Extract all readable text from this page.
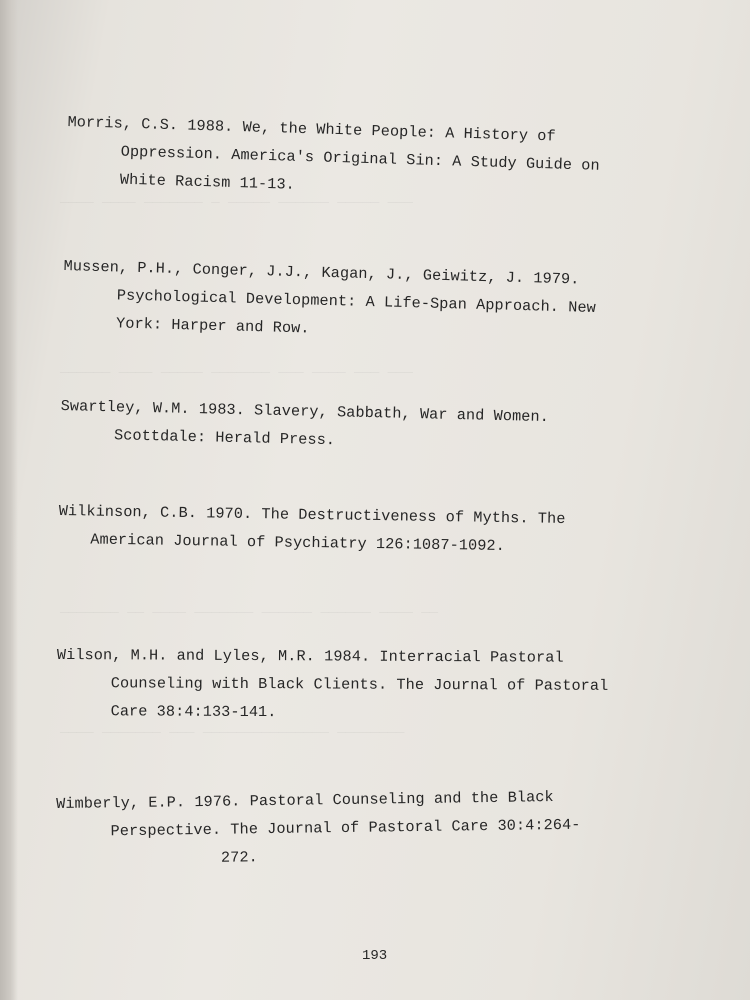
———— ———— ——————— — ————— —————— ————— ———
—————— ———— ————— ——————— ——— ———— ——— ———
——————— —— ———— ——————— —————— —————— ———— ——
———— ——————— ——— ——————————————— ————————
Morris, C.S. 1988. We, the White People: A History of
Oppression. America's Original Sin: A Study Guide on
White Racism 11-13.
Mussen, P.H., Conger, J.J., Kagan, J., Geiwitz, J. 1979.
Psychological Development: A Life-Span Approach. New
York: Harper and Row.
Swartley, W.M. 1983. Slavery, Sabbath, War and Women.
Scottdale: Herald Press.
Wilkinson, C.B. 1970. The Destructiveness of Myths. The
American Journal of Psychiatry 126:1087-1092.
Wilson, M.H. and Lyles, M.R. 1984. Interracial Pastoral
Counseling with Black Clients. The Journal of Pastoral
Care 38:4:133-141.
Wimberly, E.P. 1976. Pastoral Counseling and the Black
Perspective. The Journal of Pastoral Care 30:4:264-
272.
193
